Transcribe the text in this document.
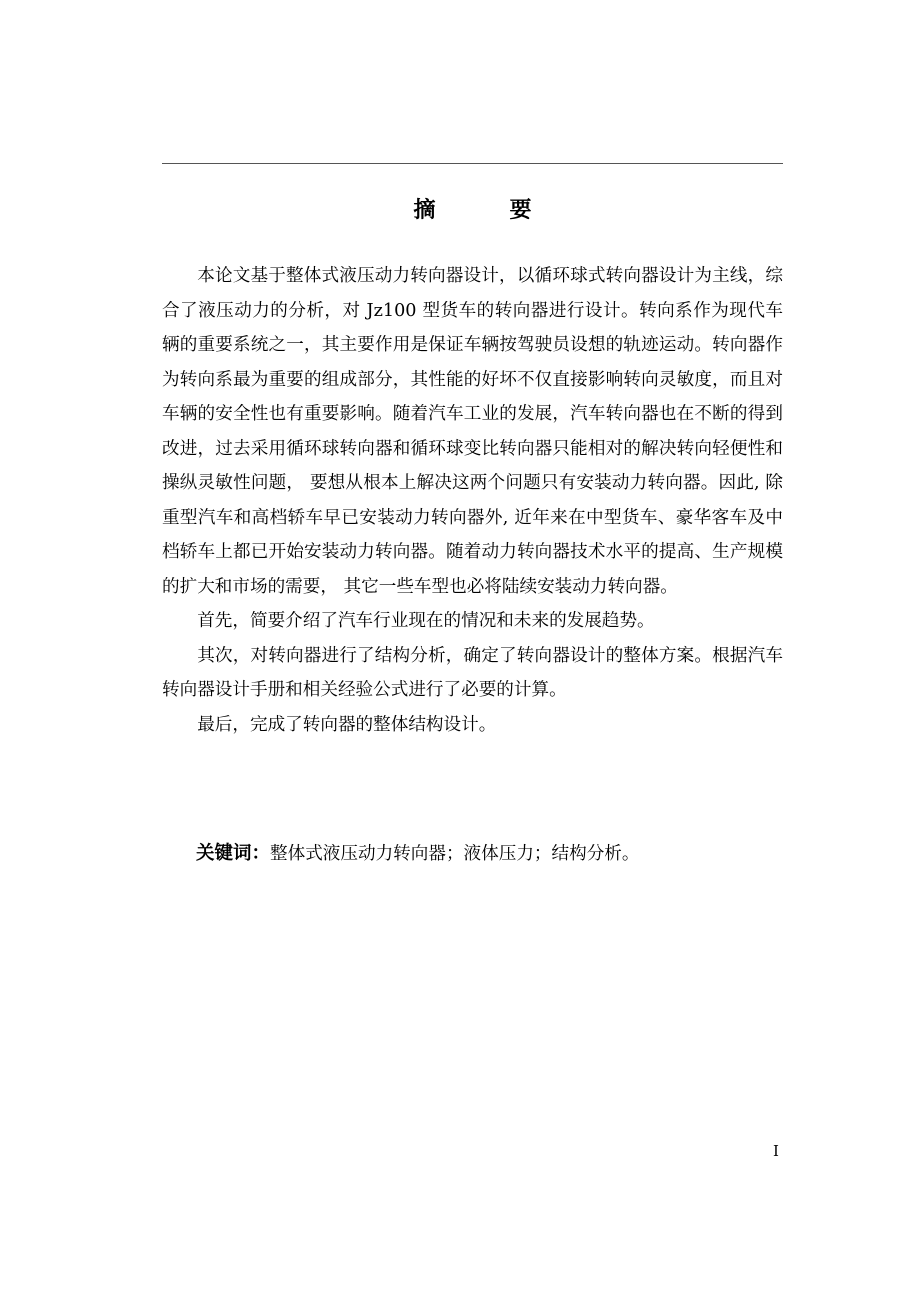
摘　要

本论文基于整体式液压动力转向器设计，以循环球式转向器设计为主线，综合了液压动力的分析，对 Jz100 型货车的转向器进行设计。转向系作为现代车辆的重要系统之一，其主要作用是保证车辆按驾驶员设想的轨迹运动。转向器作为转向系最为重要的组成部分，其性能的好坏不仅直接影响转向灵敏度，而且对车辆的安全性也有重要影响。随着汽车工业的发展，汽车转向器也在不断的得到改进，过去采用循环球转向器和循环球变比转向器只能相对的解决转向轻便性和操纵灵敏性问题， 要想从根本上解决这两个问题只有安装动力转向器。因此, 除重型汽车和高档轿车早已安装动力转向器外, 近年来在中型货车、豪华客车及中档轿车上都已开始安装动力转向器。随着动力转向器技术水平的提高、生产规模的扩大和市场的需要， 其它一些车型也必将陆续安装动力转向器。

首先，简要介绍了汽车行业现在的情况和未来的发展趋势。

其次，对转向器进行了结构分析，确定了转向器设计的整体方案。根据汽车转向器设计手册和相关经验公式进行了必要的计算。

最后，完成了转向器的整体结构设计。

关键词：整体式液压动力转向器；液体压力；结构分析。
I
